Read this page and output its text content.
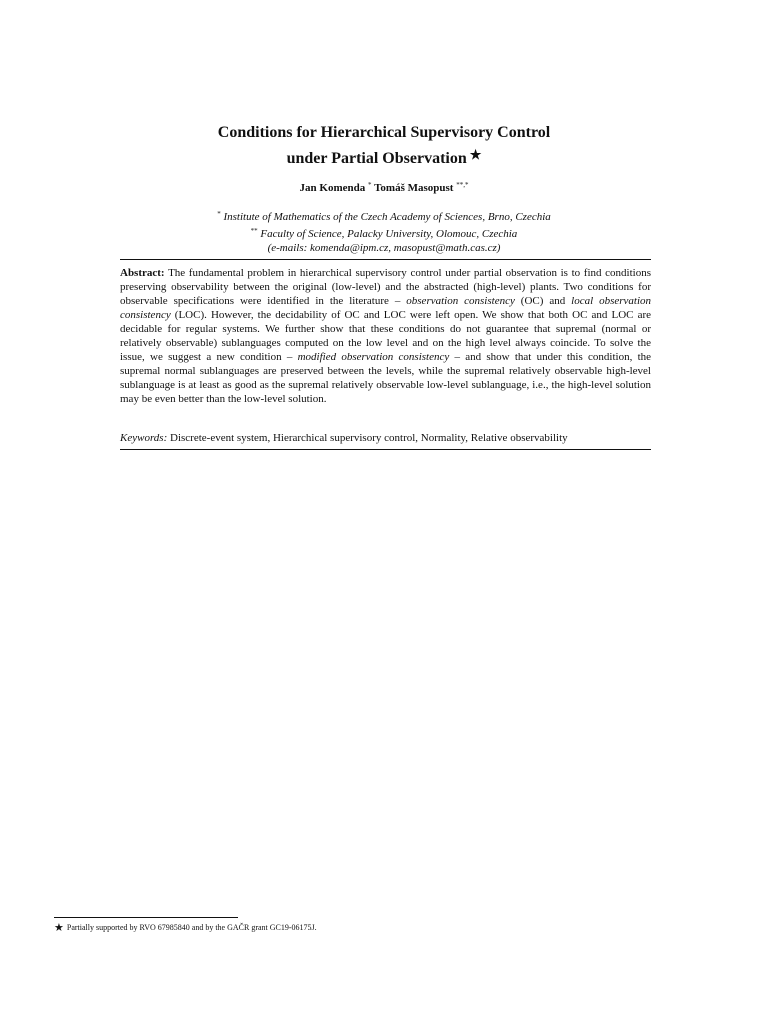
Conditions for Hierarchical Supervisory Control
under Partial Observation ★
Jan Komenda * Tomáš Masopust **,*
* Institute of Mathematics of the Czech Academy of Sciences, Brno, Czechia
** Faculty of Science, Palacky University, Olomouc, Czechia
(e-mails: komenda@ipm.cz, masopust@math.cas.cz)

Abstract: The fundamental problem in hierarchical supervisory control under partial observation is to find conditions preserving observability between the original (low-level) and the abstracted (high-level) plants. Two conditions for observable specifications were identified in the literature – observation consistency (OC) and local observation consistency (LOC). However, the decidability of OC and LOC were left open. We show that both OC and LOC are decidable for regular systems. We further show that these conditions do not guarantee that supremal (normal or relatively observable) sublanguages computed on the low level and on the high level always coincide. To solve the issue, we suggest a new condition – modified observation consistency – and show that under this condition, the supremal normal sublanguages are preserved between the levels, while the supremal relatively observable high-level sublanguage is at least as good as the supremal relatively observable low-level sublanguage, i.e., the high-level solution may be even better than the low-level solution.

Keywords: Discrete-event system, Hierarchical supervisory control, Normality, Relative observability

★ Partially supported by RVO 67985840 and by the GAČR grant GC19-06175J.
